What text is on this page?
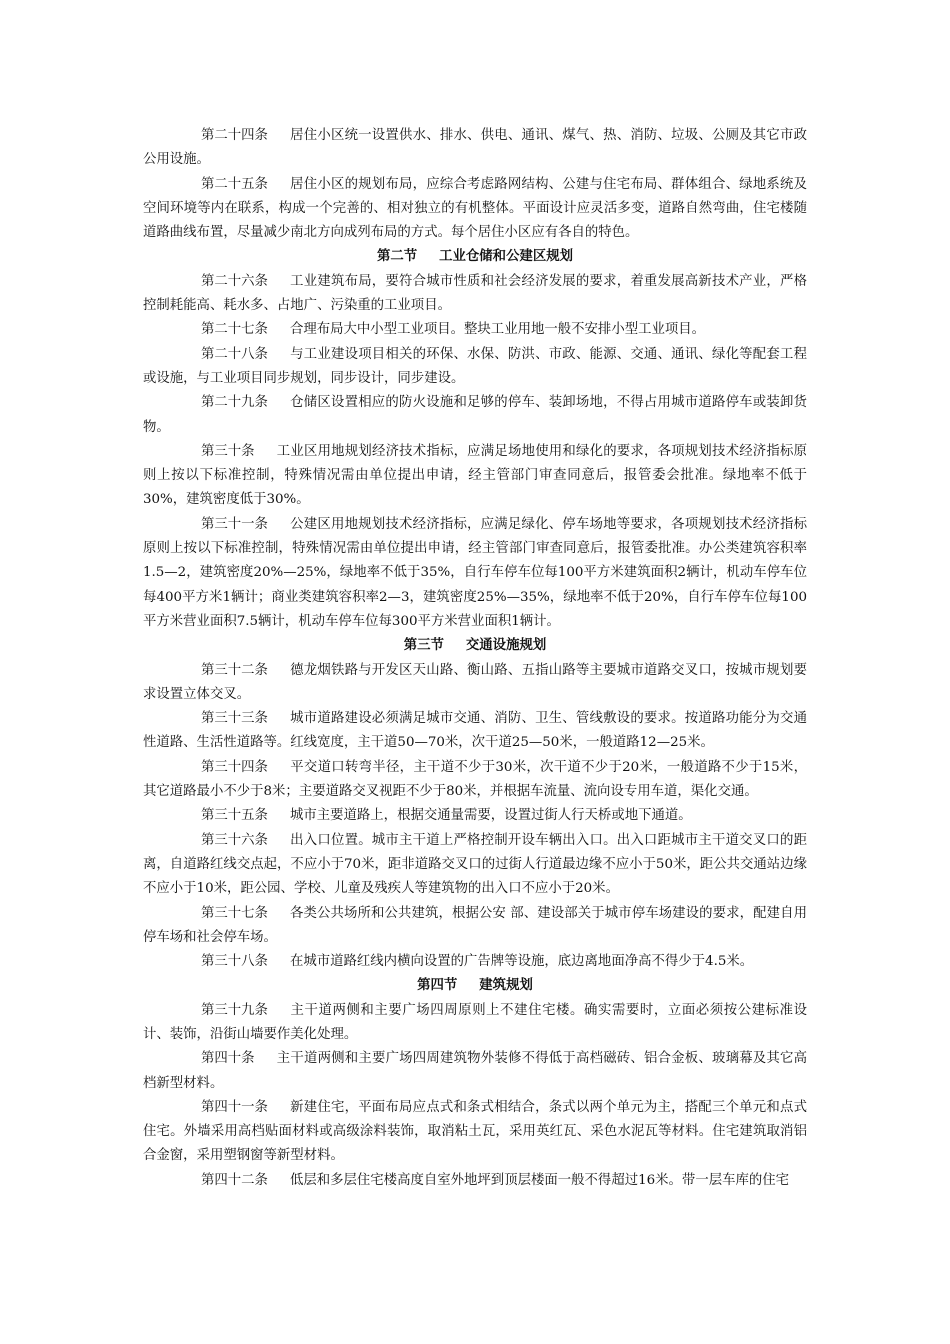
第二十四条 居住小区统一设置供水、排水、供电、通讯、煤气、热、消防、垃圾、公厕及其它市政公用设施。

第二十五条 居住小区的规划布局，应综合考虑路网结构、公建与住宅布局、群体组合、绿地系统及空间环境等内在联系，构成一个完善的、相对独立的有机整体。平面设计应灵活多变，道路自然弯曲，住宅楼随道路曲线布置，尽量减少南北方向成列布局的方式。每个居住小区应有各自的特色。

第二节 工业仓储和公建区规划

第二十六条 工业建筑布局，要符合城市性质和社会经济发展的要求，着重发展高新技术产业，严格控制耗能高、耗水多、占地广、污染重的工业项目。

第二十七条 合理布局大中小型工业项目。整块工业用地一般不安排小型工业项目。

第二十八条 与工业建设项目相关的环保、水保、防洪、市政、能源、交通、通讯、绿化等配套工程或设施，与工业项目同步规划，同步设计，同步建设。

第二十九条 仓储区设置相应的防火设施和足够的停车、装卸场地，不得占用城市道路停车或装卸货物。

第三十条 工业区用地规划经济技术指标，应满足场地使用和绿化的要求，各项规划技术经济指标原则上按以下标准控制，特殊情况需由单位提出申请，经主管部门审查同意后，报管委会批准。绿地率不低于30%，建筑密度低于30%。

第三十一条 公建区用地规划技术经济指标，应满足绿化、停车场地等要求，各项规划技术经济指标原则上按以下标准控制，特殊情况需由单位提出申请，经主管部门审查同意后，报管委批准。办公类建筑容积率1.5—2，建筑密度20%—25%，绿地率不低于35%，自行车停车位每100平方米建筑面积2辆计，机动车停车位每400平方米1辆计；商业类建筑容积率2—3，建筑密度25%—35%，绿地率不低于20%，自行车停车位每100平方米营业面积7.5辆计，机动车停车位每300平方米营业面积1辆计。

第三节 交通设施规划

第三十二条 德龙烟铁路与开发区天山路、衡山路、五指山路等主要城市道路交叉口，按城市规划要求设置立体交叉。

第三十三条 城市道路建设必须满足城市交通、消防、卫生、管线敷设的要求。按道路功能分为交通性道路、生活性道路等。红线宽度，主干道50—70米，次干道25—50米，一般道路12—25米。

第三十四条 平交道口转弯半径，主干道不少于30米，次干道不少于20米，一般道路不少于15米，其它道路最小不少于8米；主要道路交叉视距不少于80米，并根据车流量、流向设专用车道，渠化交通。

第三十五条 城市主要道路上，根据交通量需要，设置过街人行天桥或地下通道。

第三十六条 出入口位置。城市主干道上严格控制开设车辆出入口。出入口距城市主干道交叉口的距离，自道路红线交点起，不应小于70米，距非道路交叉口的过街人行道最边缘不应小于50米，距公共交通站边缘不应小于10米，距公园、学校、儿童及残疾人等建筑物的出入口不应小于20米。

第三十七条 各类公共场所和公共建筑，根据公安 部、建设部关于城市停车场建设的要求，配建自用停车场和社会停车场。

第三十八条 在城市道路红线内横向设置的广告牌等设施，底边离地面净高不得少于4.5米。

第四节 建筑规划

第三十九条 主干道两侧和主要广场四周原则上不建住宅楼。确实需要时，立面必须按公建标准设计、装饰，沿街山墙要作美化处理。

第四十条 主干道两侧和主要广场四周建筑物外装修不得低于高档磁砖、铝合金板、玻璃幕及其它高档新型材料。

第四十一条 新建住宅，平面布局应点式和条式相结合，条式以两个单元为主，搭配三个单元和点式住宅。外墙采用高档贴面材料或高级涂料装饰，取消粘土瓦，采用英红瓦、采色水泥瓦等材料。住宅建筑取消铝合金窗，采用塑钢窗等新型材料。

第四十二条 低层和多层住宅楼高度自室外地坪到顶层楼面一般不得超过16米。带一层车库的住宅
